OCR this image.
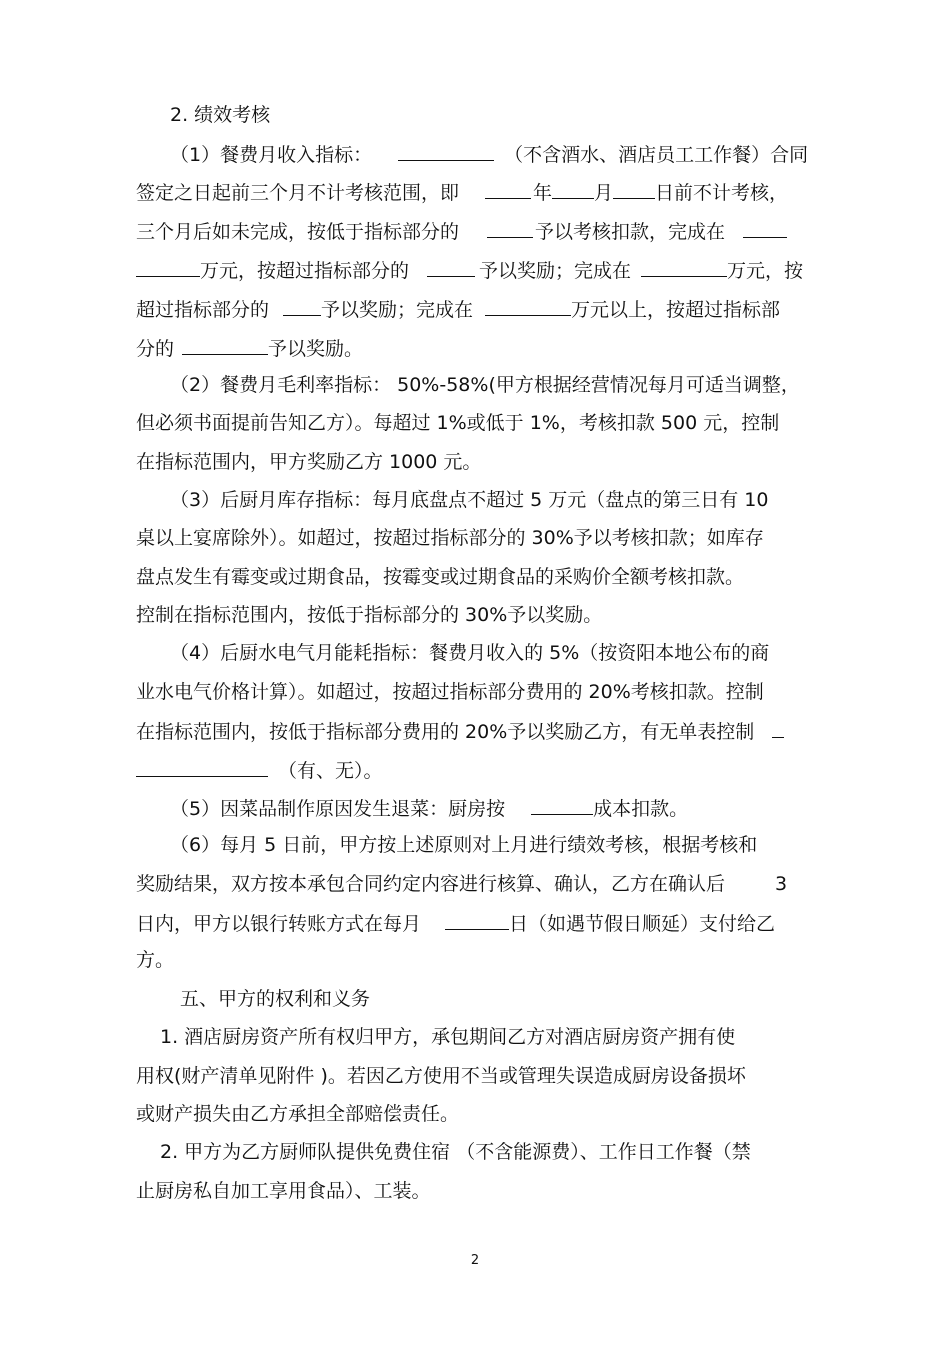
2. 绩效考核
（1）餐费月收入指标：	（不含酒水、酒店员工工作餐）合同
签定之日起前三个月不计考核范围，即	年 月 日前不计考核，
三个月后如未完成，按低于指标部分的	予以考核扣款，完成在
万元，按超过指标部分的	予以奖励；完成在	万元，按
超过指标部分的	予以奖励；完成在	万元以上，按超过指标部
分的	予以奖励。
（2）餐费月毛利率指标： 50%-58%(甲方根据经营情况每月可适当调整，
但必须书面提前告知乙方）。每超过 1%或低于 1%，考核扣款 500 元，控制
在指标范围内，甲方奖励乙方 1000 元。
（3）后厨月库存指标：每月底盘点不超过 5 万元（盘点的第三日有 10
桌以上宴席除外）。如超过，按超过指标部分的 30%予以考核扣款；如库存
盘点发生有霉变或过期食品，按霉变或过期食品的采购价全额考核扣款。
控制在指标范围内，按低于指标部分的 30%予以奖励。
（4）后厨水电气月能耗指标：餐费月收入的 5%（按资阳本地公布的商
业水电气价格计算）。如超过，按超过指标部分费用的 20%考核扣款。控制
在指标范围内，按低于指标部分费用的 20%予以奖励乙方，有无单表控制
（有、无）。
（5）因菜品制作原因发生退菜：厨房按	成本扣款。
（6）每月 5 日前，甲方按上述原则对上月进行绩效考核，根据考核和
奖励结果，双方按本承包合同约定内容进行核算、确认，乙方在确认后	3
日内，甲方以银行转账方式在每月	日（如遇节假日顺延）支付给乙
方。
五、甲方的权利和义务
1. 酒店厨房资产所有权归甲方，承包期间乙方对酒店厨房资产拥有使
用权(财产清单见附件 )。若因乙方使用不当或管理失误造成厨房设备损坏
或财产损失由乙方承担全部赔偿责任。
2. 甲方为乙方厨师队提供免费住宿 （不含能源费）、工作日工作餐（禁
止厨房私自加工享用食品）、工装。
2
